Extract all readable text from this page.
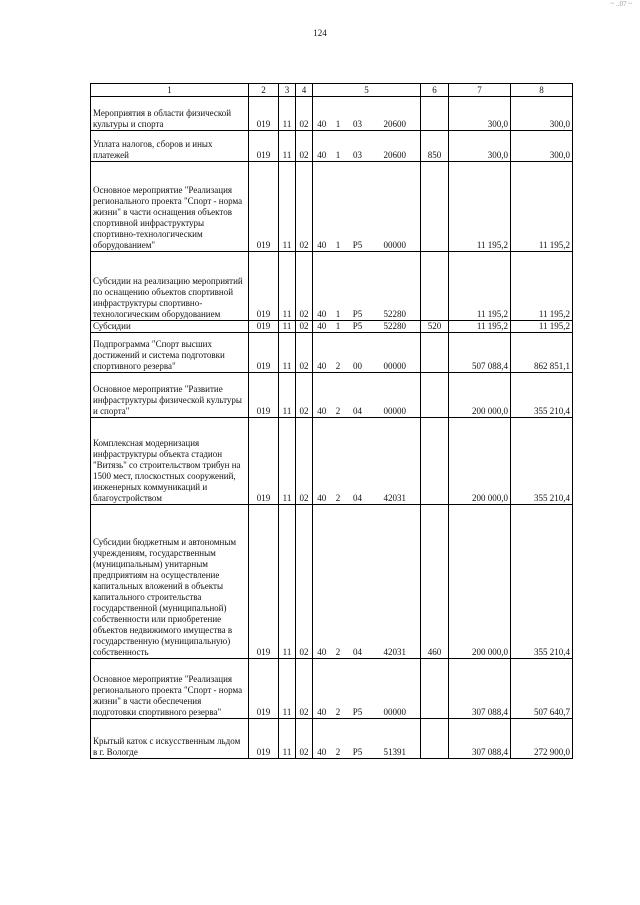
124
~ ..07 ~
1	2	3	4	5				6	7	8
Мероприятия в области физической культуры и спорта	019	11	02	40	1	03	20600		300,0	300,0
Уплата налогов, сборов и иных платежей	019	11	02	40	1	03	20600	850	300,0	300,0
Основное мероприятие "Реализация регионального проекта "Спорт - норма жизни" в части оснащения объектов спортивной инфраструктуры спортивно-технологическим оборудованием"	019	11	02	40	1	P5	00000		11 195,2	11 195,2
Субсидии на реализацию мероприятий по оснащению объектов спортивной инфраструктуры спортивно-технологическим оборудованием	019	11	02	40	1	P5	52280		11 195,2	11 195,2
Субсидии	019	11	02	40	1	P5	52280	520	11 195,2	11 195,2
Подпрограмма "Спорт высших достижений и система подготовки спортивного резерва"	019	11	02	40	2	00	00000		507 088,4	862 851,1
Основное мероприятие "Развитие инфраструктуры физической культуры и спорта"	019	11	02	40	2	04	00000		200 000,0	355 210,4
Комплексная модернизация инфраструктуры объекта стадион "Витязь" со строительством трибун на 1500 мест, плоскостных сооружений, инженерных коммуникаций и благоустройством	019	11	02	40	2	04	42031		200 000,0	355 210,4
Субсидии бюджетным и автономным учреждениям, государственным (муниципальным) унитарным предприятиям на осуществление капитальных вложений в объекты капитального строительства государственной (муниципальной) собственности или приобретение объектов недвижимого имущества в государственную (муниципальную) собственность	019	11	02	40	2	04	42031	460	200 000,0	355 210,4
Основное мероприятие "Реализация регионального проекта "Спорт - норма жизни" в части обеспечения подготовки спортивного резерва"	019	11	02	40	2	P5	00000		307 088,4	507 640,7
Крытый каток с искусственным льдом в г. Вологде	019	11	02	40	2	P5	51391		307 088,4	272 900,0
